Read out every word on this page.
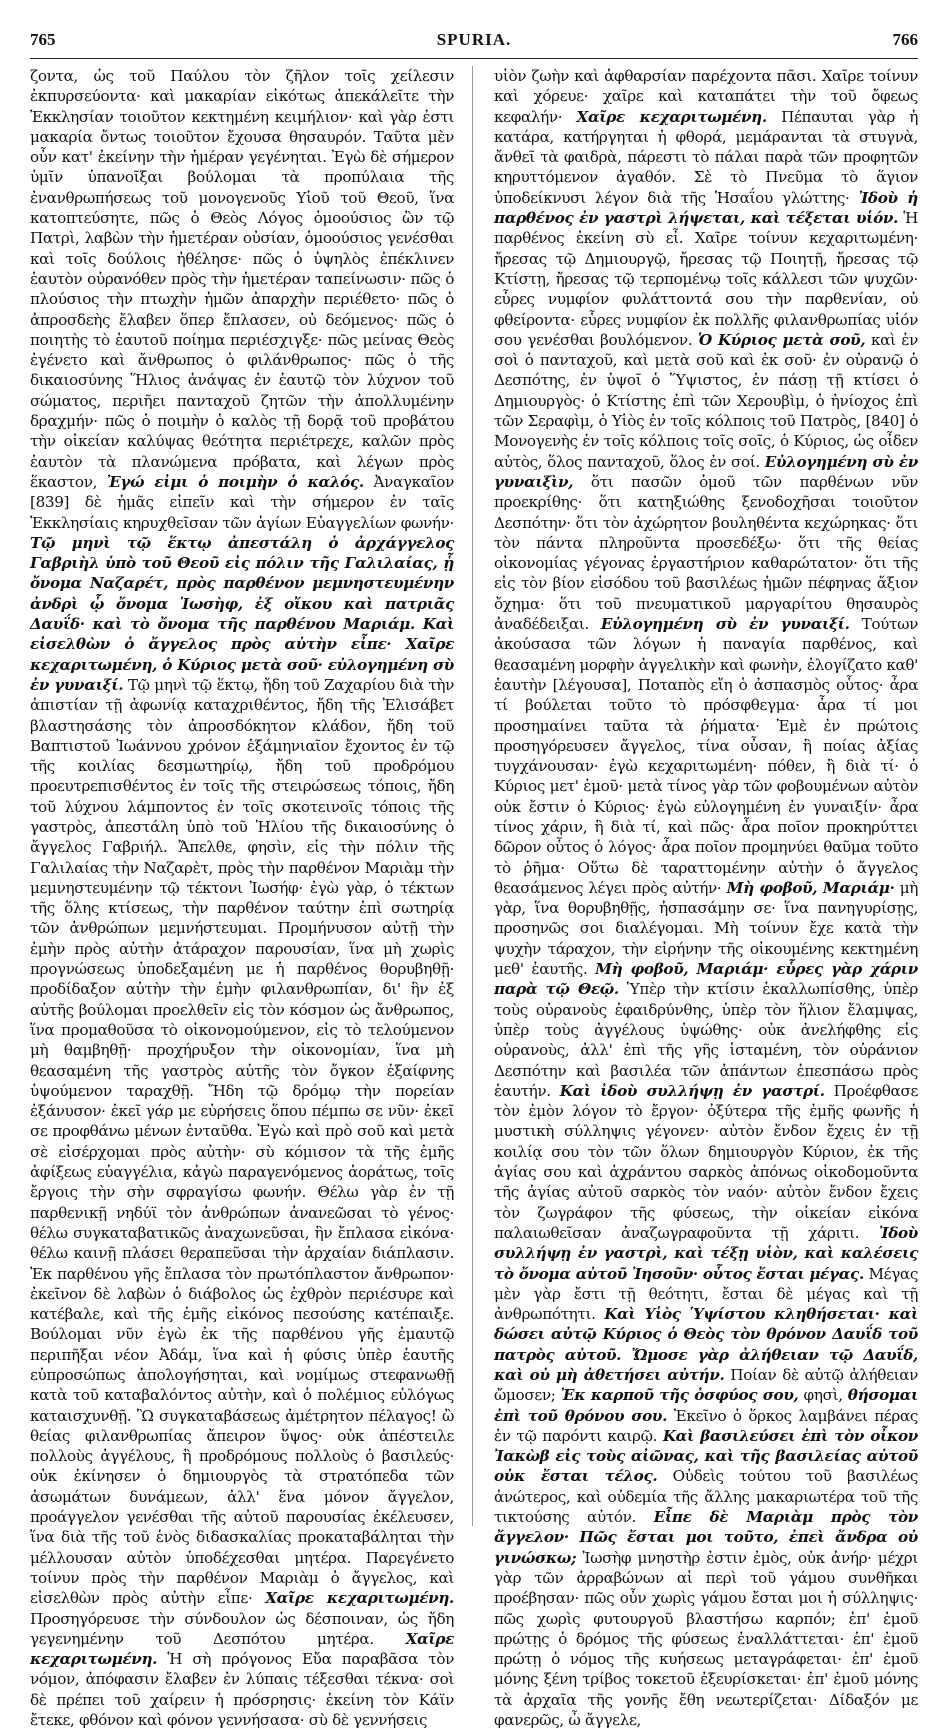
765	SPURIA.	766

ζοντα, ὡς τοῦ Παύλου τὸν ζῆλον τοῖς χείλεσιν ἐκπυρσεύοντα· καὶ μακαρίαν εἰκότως ἀπεκάλεῖτε τὴν Ἐκκλησίαν τοιοῦτον κεκτημένη κειμήλιον· καὶ γὰρ ἐστι μακαρία ὄντως τοιοῦτον ἔχουσα θησαυρόν. Ταῦτα μὲν οὖν κατ' ἐκείνην τὴν ἡμέραν γεγένηται. Ἐγὼ δὲ σήμερον ὑμῖν ὑπανοῖξαι βούλομαι τὰ προπύλαια τῆς ἐνανθρωπήσεως τοῦ μονογενοῦς Υἱοῦ τοῦ Θεοῦ, ἵνα κατοπτεύσητε, πῶς ὁ Θεὸς Λόγος ὁμοούσιος ὢν τῷ Πατρὶ, λαβὼν τὴν ἡμετέραν οὐσίαν, ὁμοούσιος γενέσθαι καὶ τοῖς δούλοις ἠθέλησε· πῶς ὁ ὑψηλὸς ἐπέκλινεν ἑαυτὸν οὐρανόθεν πρὸς τὴν ἡμετέραν ταπείνωσιν· πῶς ὁ πλούσιος τὴν πτωχὴν ἡμῶν ἀπαρχὴν περιέθετο· πῶς ὁ ἀπροσδεὴς ἔλαβεν ὅπερ ἔπλασεν, οὐ δεόμενος· πῶς ὁ ποιητὴς τὸ ἑαυτοῦ ποίημα περιέσχιγξε· πῶς μείνας Θεὸς ἐγένετο καὶ ἄνθρωπος ὁ φιλάνθρωπος· πῶς ὁ τῆς δικαιοσύνης Ἥλιος ἀνάψας ἐν ἑαυτῷ τὸν λύχνον τοῦ σώματος, περιῆει πανταχοῦ ζητῶν τὴν ἀπολλυμένην δραχμήν· πῶς ὁ ποιμὴν ὁ καλὸς τῇ δορᾷ τοῦ προβάτου τὴν οἰκείαν καλύψας θεότητα περιέτρεχε, καλῶν πρὸς ἑαυτὸν τὰ πλανώμενα πρόβατα, καὶ λέγων πρὸς ἕκαστον, Ἐγώ εἰμι ὁ ποιμὴν ὁ καλός. Ἀναγκαῖον [839] δὲ ἡμᾶς εἰπεῖν καὶ τὴν σήμερον ἐν ταῖς Ἐκκλησίαις κηρυχθεῖσαν τῶν ἁγίων Εὐαγγελίων φωνήν· Τῷ μηνὶ τῷ ἕκτῳ ἀπεστάλη ὁ ἀρχάγγελος Γαβριὴλ ὑπὸ τοῦ Θεοῦ εἰς πόλιν τῆς Γαλιλαίας, ᾗ ὄνομα Ναζαρέτ, πρὸς παρθένον μεμνηστευμένην ἀνδρὶ ᾧ ὄνομα Ἰωσὴφ, ἐξ οἴκου καὶ πατριᾶς Δαυΐδ· καὶ τὸ ὄνομα τῆς παρθένου Μαριάμ. Καὶ εἰσελθὼν ὁ ἄγγελος πρὸς αὐτὴν εἶπε· Χαῖρε κεχαριτωμένη, ὁ Κύριος μετὰ σοῦ· εὐλογημένη σὺ ἐν γυναιξί. Τῷ μηνὶ τῷ ἕκτῳ, ἤδη τοῦ Ζαχαρίου διὰ τὴν ἀπιστίαν τῇ ἀφωνίᾳ καταχριθέντος, ἤδη τῆς Ἐλισάβετ βλαστησάσης τὸν ἀπροσδόκητον κλάδον, ἤδη τοῦ Βαπτιστοῦ Ἰωάννου χρόνον ἑξάμηνιαῖον ἔχοντος ἐν τῷ τῆς κοιλίας δεσμωτηρίῳ, ἤδη τοῦ προδρόμου προευτρεπισθέντος ἐν τοῖς τῆς στειρώσεως τόποις, ἤδη τοῦ λύχνου λάμποντος ἐν τοῖς σκοτεινοῖς τόποις τῆς γαστρὸς, ἀπεστάλη ὑπὸ τοῦ Ἡλίου τῆς δικαιοσύνης ὁ ἄγγελος Γαβριήλ. Ἄπελθε, φησὶν, εἰς τὴν πόλιν τῆς Γαλιλαίας τὴν Ναζαρὲτ, πρὸς τὴν παρθένον Μαριὰμ τὴν μεμνηστευμένην τῷ τέκτονι Ἰωσήφ· ἐγὼ γὰρ, ὁ τέκτων τῆς ὅλης κτίσεως, τὴν παρθένον ταύτην ἐπὶ σωτηρίᾳ τῶν ἀνθρώπων μεμνήστευμαι. Προμήνυσον αὐτῇ τὴν ἐμὴν πρὸς αὐτὴν ἀτάραχον παρουσίαν, ἵνα μὴ χωρὶς προγνώσεως ὑποδεξαμένη με ἡ παρθένος θορυβηθῇ· προδίδαξον αὐτὴν τὴν ἐμὴν φιλανθρωπίαν, δι' ἣν ἐξ αὐτῆς βούλομαι προελθεῖν εἰς τὸν κόσμον ὡς ἄνθρωπος, ἵνα προμαθοῦσα τὸ οἰκονομούμενον, εἰς τὸ τελούμενον μὴ θαμβηθῇ· προχήρυξον τὴν οἰκονομίαν, ἵνα μὴ θεασαμένη τῆς γαστρὸς αὐτῆς τὸν ὄγκον ἐξαίφνης ὑψούμενον ταραχθῇ. Ἤδη τῷ δρόμῳ τὴν πορείαν ἐξάνυσον· ἐκεῖ γάρ με εὑρήσεις ὅπου πέμπω σε νῦν· ἐκεῖ σε προφθάνω μένων ἐνταῦθα. Ἐγὼ καὶ πρὸ σοῦ καὶ μετὰ σὲ εἰσέρχομαι πρὸς αὐτὴν· σὺ κόμισον τὰ τῆς ἐμῆς ἀφίξεως εὐαγγέλια, κἀγὼ παραγενόμενος ἀοράτως, τοῖς ἔργοις τὴν σὴν σφραγίσω φωνήν. Θέλω γὰρ ἐν τῇ παρθενικῇ νηδύϊ τὸν ἀνθρώπων ἀνανεῶσαι τὸ γένος· θέλω συγκαταβατικῶς ἀναχωνεῦσαι, ἣν ἔπλασα εἰκόνα· θέλω καινῇ πλάσει θεραπεῦσαι τὴν ἀρχαίαν διάπλασιν. Ἐκ παρθένου γῆς ἔπλασα τὸν πρωτόπλαστον ἄνθρωπον· ἐκεῖνον δὲ λαβὼν ὁ διάβολος ὡς ἐχθρὸν περιέσυρε καὶ κατέβαλε, καὶ τῆς ἐμῆς εἰκόνος πεσούσης κατέπαιξε. Βούλομαι νῦν ἐγὼ ἐκ τῆς παρθένου γῆς ἐμαυτῷ περιπῆξαι νέον Ἀδάμ, ἵνα καὶ ἡ φύσις ὑπὲρ ἑαυτῆς εὐπροσώπως ἀπολογήσηται, καὶ νομίμως στεφανωθῇ κατὰ τοῦ καταβαλόντος αὐτὴν, καὶ ὁ πολέμιος εὐλόγως καταισχυνθῇ. Ὢ συγκαταβάσεως ἀμέτρητον πέλαγος! ὢ θείας φιλανθρωπίας ἄπειρον ὕψος· οὐκ ἀπέστειλε πολλοὺς ἀγγέλους, ἢ προδρόμους πολλοὺς ὁ βασιλεύς· οὐκ ἐκίνησεν ὁ δημιουργὸς τὰ στρατόπεδα τῶν ἀσωμάτων δυνάμεων, ἀλλ' ἕνα μόνον ἄγγελον, προάγγελον γενέσθαι τῆς αὐτοῦ παρουσίας ἐκέλευσεν, ἵνα διὰ τῆς τοῦ ἑνὸς διδασκαλίας προκαταβάληται τὴν μέλλουσαν αὐτὸν ὑποδέχεσθαι μητέρα. Παρεγένετο τοίνυν πρὸς τὴν παρθένον Μαριὰμ ὁ ἄγγελος, καὶ εἰσελθὼν πρὸς αὐτὴν εἶπε· Χαῖρε κεχαριτωμένη. Προσηγόρευσε τὴν σύνδουλον ὡς δέσποιναν, ὡς ἤδη γεγενημένην τοῦ Δεσπότου μητέρα. Χαῖρε κεχαριτωμένη. Ἡ σὴ πρόγονος Εὔα παραβᾶσα τὸν νόμον, ἀπόφασιν ἔλαβεν ἐν λύπαις τέξεσθαι τέκνα· σοὶ δὲ πρέπει τοῦ χαίρειν ἡ πρόσρησις· ἐκείνη τὸν Κάϊν ἔτεκε, φθόνον καὶ φόνον γεννήσασα· σὺ δὲ γεννήσεις

υἱὸν ζωὴν καὶ ἀφθαρσίαν παρέχοντα πᾶσι. Χαῖρε τοίνυν καὶ χόρευε· χαῖρε καὶ καταπάτει τὴν τοῦ ὄφεως κεφαλήν· Χαῖρε κεχαριτωμένη. Πέπαυται γὰρ ἡ κατάρα, κατήργηται ἡ φθορά, μεμάρανται τὰ στυγνὰ, ἄνθεῖ τὰ φαιδρὰ, πάρεστι τὸ πάλαι παρὰ τῶν προφητῶν κηρυττόμενον ἀγαθόν. Σὲ τὸ Πνεῦμα τὸ ἅγιον ὑποδείκνυσι λέγον διὰ τῆς Ἡσαΐου γλώττης· Ἰδοὺ ἡ παρθένος ἐν γαστρὶ λήψεται, καὶ τέξεται υἱόν. Ἡ παρθένος ἐκείνη σὺ εἶ. Χαῖρε τοίνυν κεχαριτωμένη· ἤρεσας τῷ Δημιουργῷ, ἤρεσας τῷ Ποιητῇ, ἤρεσας τῷ Κτίστῃ, ἤρεσας τῷ τερπομένῳ τοῖς κάλλεσι τῶν ψυχῶν· εὗρες νυμφίον φυλάττοντά σου τὴν παρθενίαν, οὐ φθείροντα· εὗρες νυμφίον ἐκ πολλῆς φιλανθρωπίας υἱόν σου γενέσθαι βουλόμενον. Ὁ Κύριος μετὰ σοῦ, καὶ ἐν σοὶ ὁ πανταχοῦ, καὶ μετὰ σοῦ καὶ ἐκ σοῦ· ἐν οὐρανῷ ὁ Δεσπότης, ἐν ὑψοῖ ὁ Ὕψιστος, ἐν πάσῃ τῇ κτίσει ὁ Δημιουργὸς· ὁ Κτίστης ἐπὶ τῶν Χερουβὶμ, ὁ ἡνίοχος ἐπὶ τῶν Σεραφὶμ, ὁ Υἱὸς ἐν τοῖς κόλποις τοῦ Πατρὸς, [840] ὁ Μονογενὴς ἐν τοῖς κόλποις τοῖς σοῖς, ὁ Κύριος, ὡς οἶδεν αὐτὸς, ὅλος πανταχοῦ, ὅλος ἐν σοί. Εὐλογημένη σὺ ἐν γυναιξὶν, ὅτι πασῶν ὁμοῦ τῶν παρθένων νῦν προεκρίθης· ὅτι κατηξιώθης ξενοδοχῆσαι τοιοῦτον Δεσπότην· ὅτι τὸν ἀχώρητον βουληθέντα κεχώρηκας· ὅτι τὸν πάντα πληροῦντα προσεδέξω· ὅτι τῆς θείας οἰκονομίας γέγονας ἐργαστήριον καθαρώτατον· ὅτι τῆς εἰς τὸν βίον εἰσόδου τοῦ βασιλέως ἡμῶν πέφηνας ἄξιον ὄχημα· ὅτι τοῦ πνευματικοῦ μαργαρίτου θησαυρὸς ἀναδέδειξαι. Εὐλογημένη σὺ ἐν γυναιξί. Τούτων ἀκούσασα τῶν λόγων ἡ παναγία παρθένος, καὶ θεασαμένη μορφὴν ἀγγελικὴν καὶ φωνὴν, ἐλογίζατο καθ' ἑαυτὴν [λέγουσα], Ποταπὸς εἴη ὁ ἀσπασμὸς οὗτος· ἆρα τί βούλεται τοῦτο τὸ πρόσφθεγμα· ἆρα τί μοι προσημαίνει ταῦτα τὰ ῥήματα· Ἐμὲ ἐν πρώτοις προσηγόρευσεν ἄγγελος, τίνα οὖσαν, ἢ ποίας ἀξίας τυγχάνουσαν· ἐγὼ κεχαριτωμένη· πόθεν, ἢ διὰ τί· ὁ Κύριος μετ' ἐμοῦ· μετὰ τίνος γὰρ τῶν φοβουμένων αὐτὸν οὐκ ἔστιν ὁ Κύριος· ἐγὼ εὐλογημένη ἐν γυναιξίν· ἆρα τίνος χάριν, ἢ διὰ τί, καὶ πῶς· ἆρα ποῖον προκηρύττει δῶρον οὗτος ὁ λόγος· ἆρα ποῖον προμηνύει θαῦμα τοῦτο τὸ ῥῆμα· Οὕτω δὲ ταραττομένην αὐτὴν ὁ ἄγγελος θεασάμενος λέγει πρὸς αὐτήν· Μὴ φοβοῦ, Μαριάμ· μὴ γὰρ, ἵνα θορυβηθῇς, ἠσπασάμην σε· ἵνα πανηγυρίσῃς, προσηνῶς σοι διαλέγομαι. Μὴ τοίνυν ἔχε κατὰ τὴν ψυχὴν τάραχον, τὴν εἰρήνην τῆς οἰκουμένης κεκτημένη μεθ' ἑαυτῆς. Μὴ φοβοῦ, Μαριάμ· εὗρες γὰρ χάριν παρὰ τῷ Θεῷ. Ὑπὲρ τὴν κτίσιν ἐκαλλωπίσθης, ὑπὲρ τοὺς οὐρανοὺς ἐφαιδρύνθης, ὑπὲρ τὸν ἥλιον ἔλαμψας, ὑπὲρ τοὺς ἀγγέλους ὑψώθης· οὐκ ἀνελήφθης εἰς οὐρανοὺς, ἀλλ' ἐπὶ τῆς γῆς ἱσταμένη, τὸν οὐράνιον Δεσπότην καὶ βασιλέα τῶν ἁπάντων ἐπεσπάσω πρὸς ἑαυτήν. Καὶ ἰδοὺ συλλήψῃ ἐν γαστρί. Προέφθασε τὸν ἐμὸν λόγον τὸ ἔργον· ὀξύτερα τῆς ἐμῆς φωνῆς ἡ μυστικὴ σύλληψις γέγονεν· αὐτὸν ἔνδον ἔχεις ἐν τῇ κοιλίᾳ σου τὸν τῶν ὅλων δημιουργὸν Κύριον, ἐκ τῆς ἁγίας σου καὶ ἀχράντου σαρκὸς ἀπόνως οἰκοδομοῦντα τῆς ἁγίας αὐτοῦ σαρκὸς τὸν ναόν· αὐτὸν ἔνδον ἔχεις τὸν ζωγράφον τῆς φύσεως, τὴν οἰκείαν εἰκόνα παλαιωθεῖσαν ἀναζωγραφοῦντα τῇ χάριτι. Ἰδοὺ συλλήψῃ ἐν γαστρὶ, καὶ τέξῃ υἱὸν, καὶ καλέσεις τὸ ὄνομα αὐτοῦ Ἰησοῦν· οὗτος ἔσται μέγας. Μέγας μὲν γὰρ ἔστι τῇ θεότητι, ἔσται δὲ μέγας καὶ τῇ ἀνθρωπότητι. Καὶ Υἱὸς Ὑψίστου κληθήσεται· καὶ δώσει αὐτῷ Κύριος ὁ Θεὸς τὸν θρόνον Δαυΐδ τοῦ πατρὸς αὐτοῦ. Ὤμοσε γὰρ ἀλήθειαν τῷ Δαυΐδ, καὶ οὐ μὴ ἀθετήσει αὐτήν. Ποίαν δὲ αὐτῷ ἀλήθειαν ὤμοσεν; Ἐκ καρποῦ τῆς ὀσφύος σου, φησὶ, θήσομαι ἐπὶ τοῦ θρόνου σου. Ἐκεῖνο ὁ ὅρκος λαμβάνει πέρας ἐν τῷ παρόντι καιρῷ. Καὶ βασιλεύσει ἐπὶ τὸν οἶκον Ἰακὼβ εἰς τοὺς αἰῶνας, καὶ τῆς βασιλείας αὐτοῦ οὐκ ἔσται τέλος. Οὐδεὶς τούτου τοῦ βασιλέως ἀνώτερος, καὶ οὐδεμία τῆς ἄλλης μακαριωτέρα τοῦ τῆς τικτούσης αὐτόν. Εἶπε δὲ Μαριὰμ πρὸς τὸν ἄγγελον· Πῶς ἔσται μοι τοῦτο, ἐπεὶ ἄνδρα οὐ γινώσκω; Ἰωσὴφ μνηστὴρ ἐστιν ἐμὸς, οὐκ ἀνήρ· μέχρι γὰρ τῶν ἀρραβώνων αἱ περὶ τοῦ γάμου συνθῆκαι προέβησαν· πῶς οὖν χωρὶς γάμου ἔσται μοι ἡ σύλληψις· πῶς χωρὶς φυτουργοῦ βλαστήσω καρπόν; ἐπ' ἐμοῦ πρώτῃς ὁ δρόμος τῆς φύσεως ἐναλλάττεται· ἐπ' ἐμοῦ πρώτῃ ὁ νόμος τῆς κυήσεως μεταγράφεται· ἐπ' ἐμοῦ μόνης ξένη τρίβος τοκετοῦ ἐξευρίσκεται· ἐπ' ἐμοῦ μόνης τὰ ἀρχαῖα τῆς γονῆς ἔθη νεωτερίζεται· Δίδαξόν με φανερῶς, ὦ ἄγγελε,
